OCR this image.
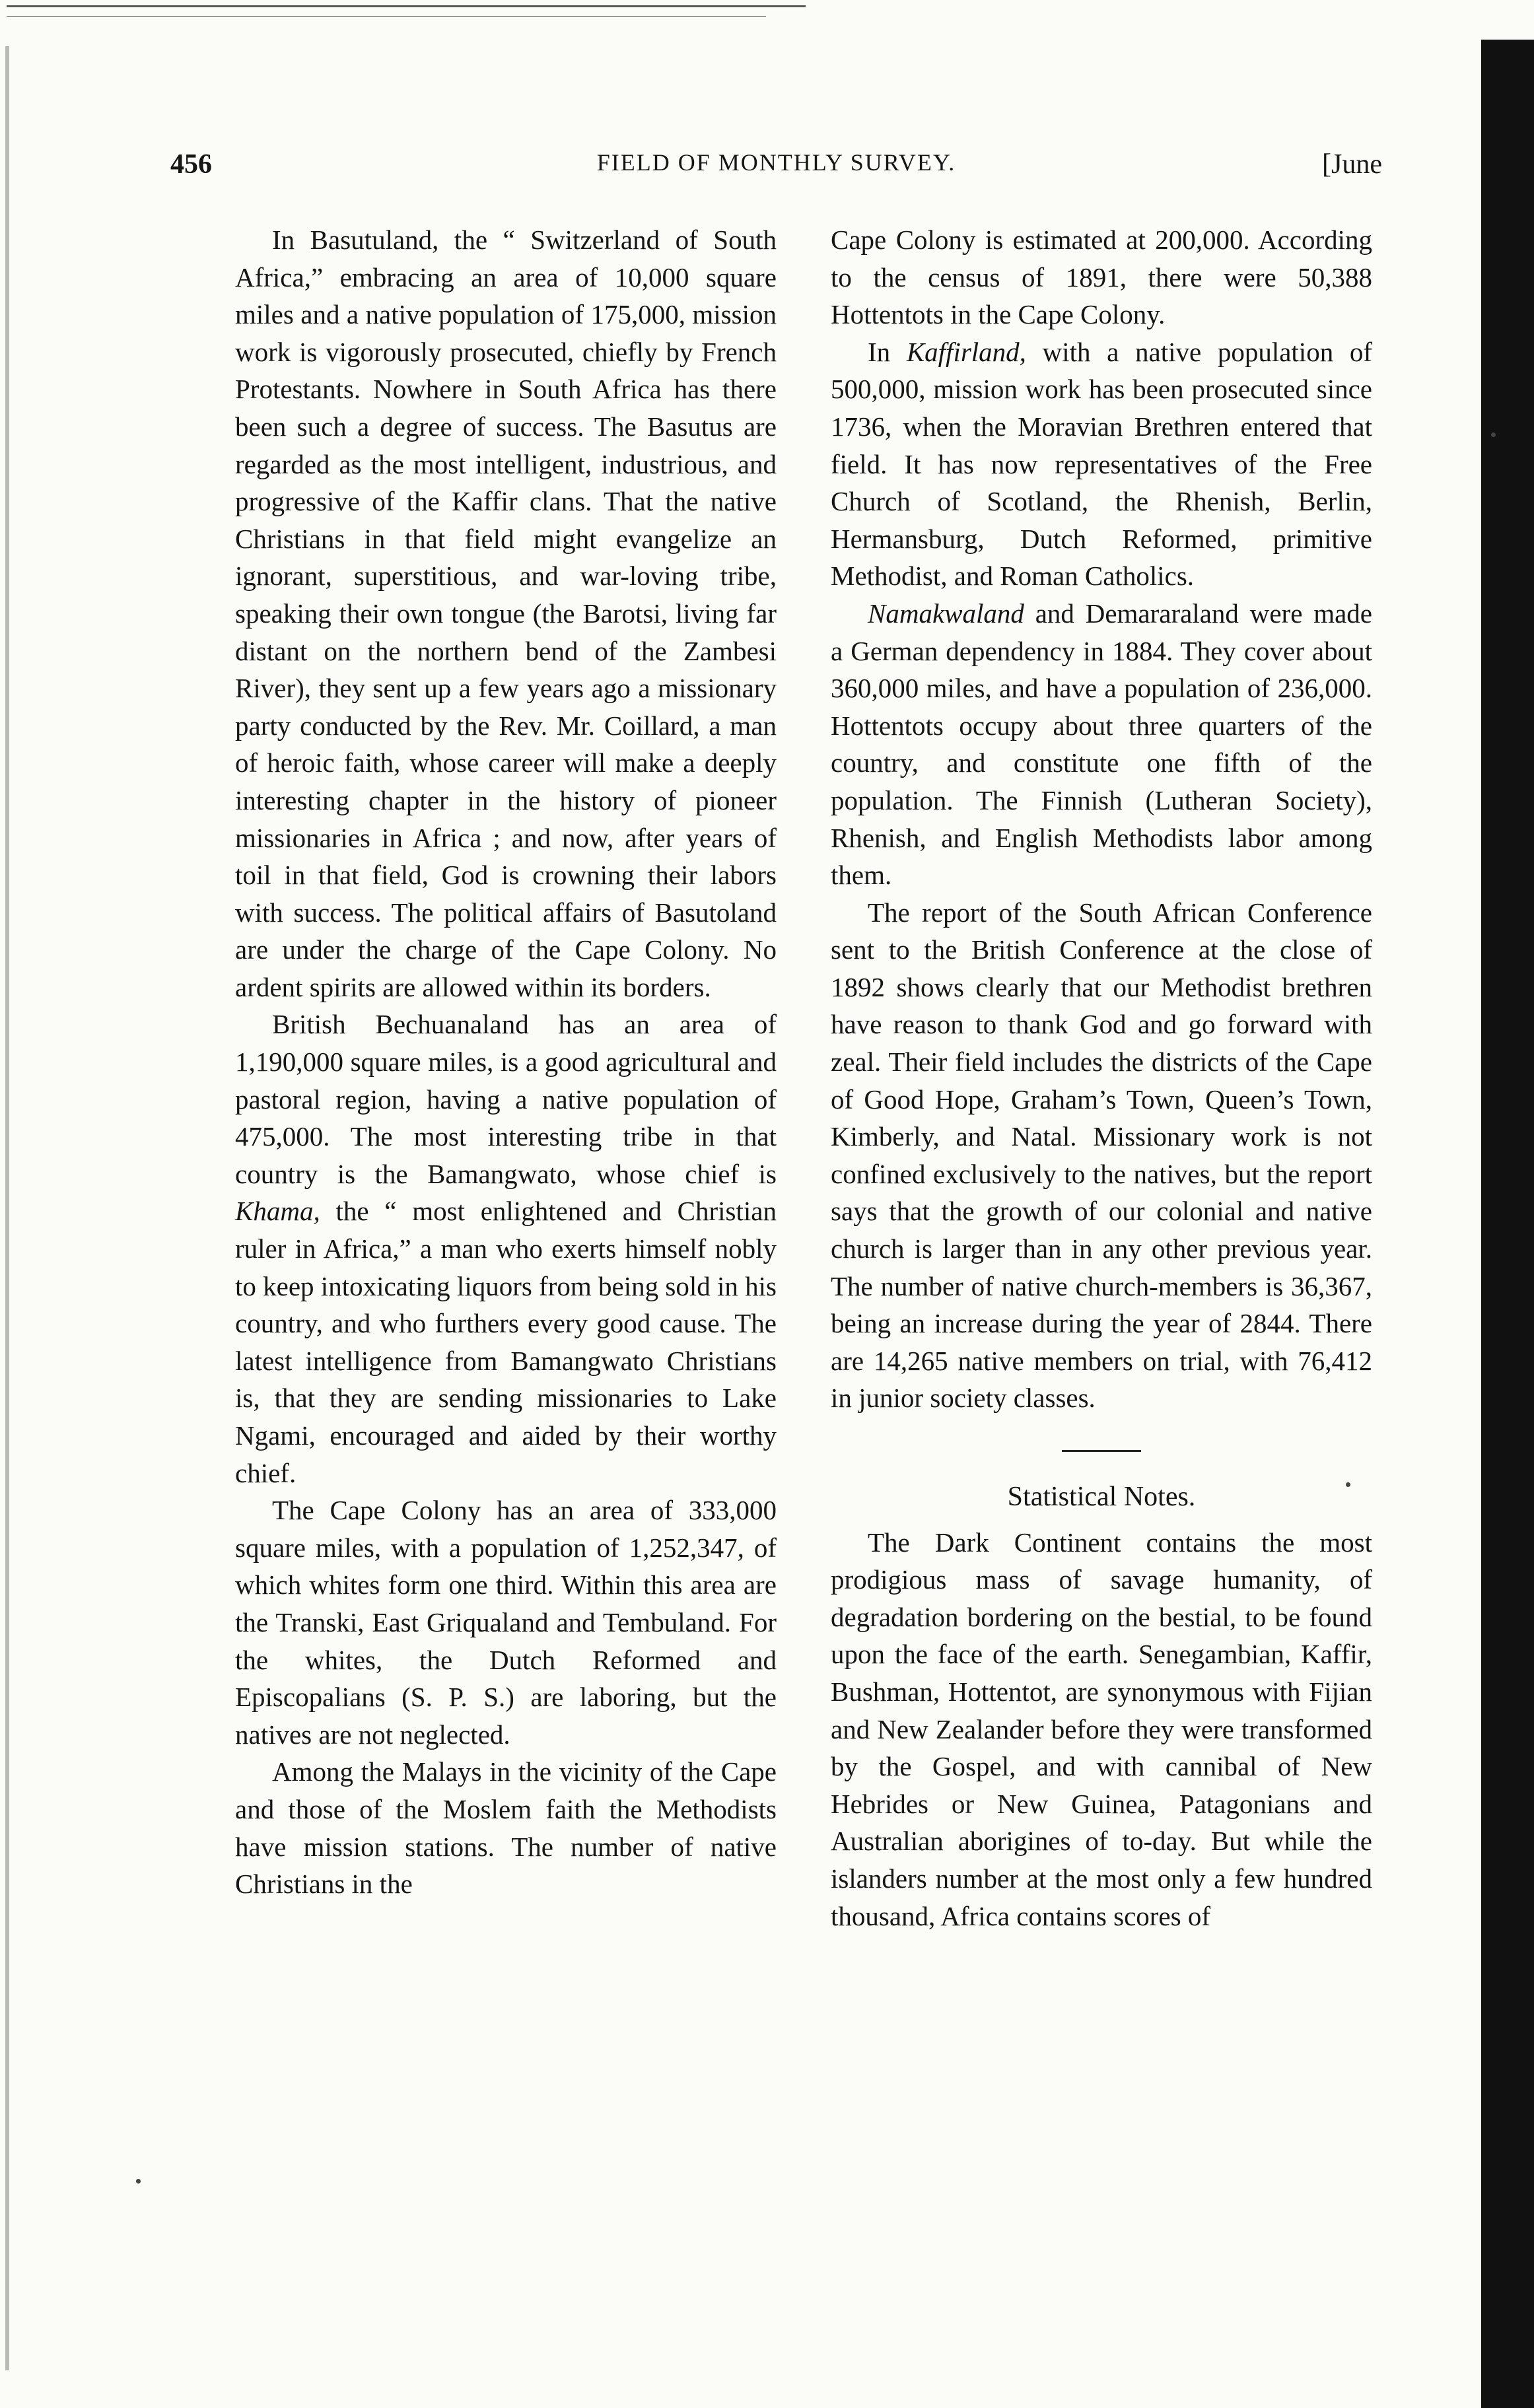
456	FIELD OF MONTHLY SURVEY.	[June

In Basutuland, the “ Switzerland of South Africa,” embracing an area of 10,000 square miles and a native population of 175,000, mission work is vigorously prosecuted, chiefly by French Protestants. Nowhere in South Africa has there been such a degree of success. The Basutus are regarded as the most intelligent, industrious, and progressive of the Kaffir clans. That the native Christians in that field might evangelize an ignorant, superstitious, and war-loving tribe, speaking their own tongue (the Barotsi, living far distant on the northern bend of the Zambesi River), they sent up a few years ago a missionary party conducted by the Rev. Mr. Coillard, a man of heroic faith, whose career will make a deeply interesting chapter in the history of pioneer missionaries in Africa ; and now, after years of toil in that field, God is crowning their labors with success. The political affairs of Basutoland are under the charge of the Cape Colony. No ardent spirits are allowed within its borders.

British Bechuanaland has an area of 1,190,000 square miles, is a good agricultural and pastoral region, having a native population of 475,000. The most interesting tribe in that country is the Bamangwato, whose chief is Khama, the “ most enlightened and Christian ruler in Africa,” a man who exerts himself nobly to keep intoxicating liquors from being sold in his country, and who furthers every good cause. The latest intelligence from Bamangwato Christians is, that they are sending missionaries to Lake Ngami, encouraged and aided by their worthy chief.

The Cape Colony has an area of 333,000 square miles, with a population of 1,252,347, of which whites form one third. Within this area are the Transki, East Griqualand and Tembuland. For the whites, the Dutch Reformed and Episcopalians (S. P. S.) are laboring, but the natives are not neglected.

Among the Malays in the vicinity of the Cape and those of the Moslem faith the Methodists have mission stations. The number of native Christians in the

Cape Colony is estimated at 200,000. According to the census of 1891, there were 50,388 Hottentots in the Cape Colony.

In Kaffirland, with a native population of 500,000, mission work has been prosecuted since 1736, when the Moravian Brethren entered that field. It has now representatives of the Free Church of Scotland, the Rhenish, Berlin, Hermansburg, Dutch Reformed, primitive Methodist, and Roman Catholics.

Namakwaland and Demararaland were made a German dependency in 1884. They cover about 360,000 miles, and have a population of 236,000. Hottentots occupy about three quarters of the country, and constitute one fifth of the population. The Finnish (Lutheran Society), Rhenish, and English Methodists labor among them.

The report of the South African Conference sent to the British Conference at the close of 1892 shows clearly that our Methodist brethren have reason to thank God and go forward with zeal. Their field includes the districts of the Cape of Good Hope, Graham’s Town, Queen’s Town, Kimberly, and Natal. Missionary work is not confined exclusively to the natives, but the report says that the growth of our colonial and native church is larger than in any other previous year. The number of native church-members is 36,367, being an increase during the year of 2844. There are 14,265 native members on trial, with 76,412 in junior society classes.

Statistical Notes.

The Dark Continent contains the most prodigious mass of savage humanity, of degradation bordering on the bestial, to be found upon the face of the earth. Senegambian, Kaffir, Bushman, Hottentot, are synonymous with Fijian and New Zealander before they were transformed by the Gospel, and with cannibal of New Hebrides or New Guinea, Patagonians and Australian aborigines of to-day. But while the islanders number at the most only a few hundred thousand, Africa contains scores of
